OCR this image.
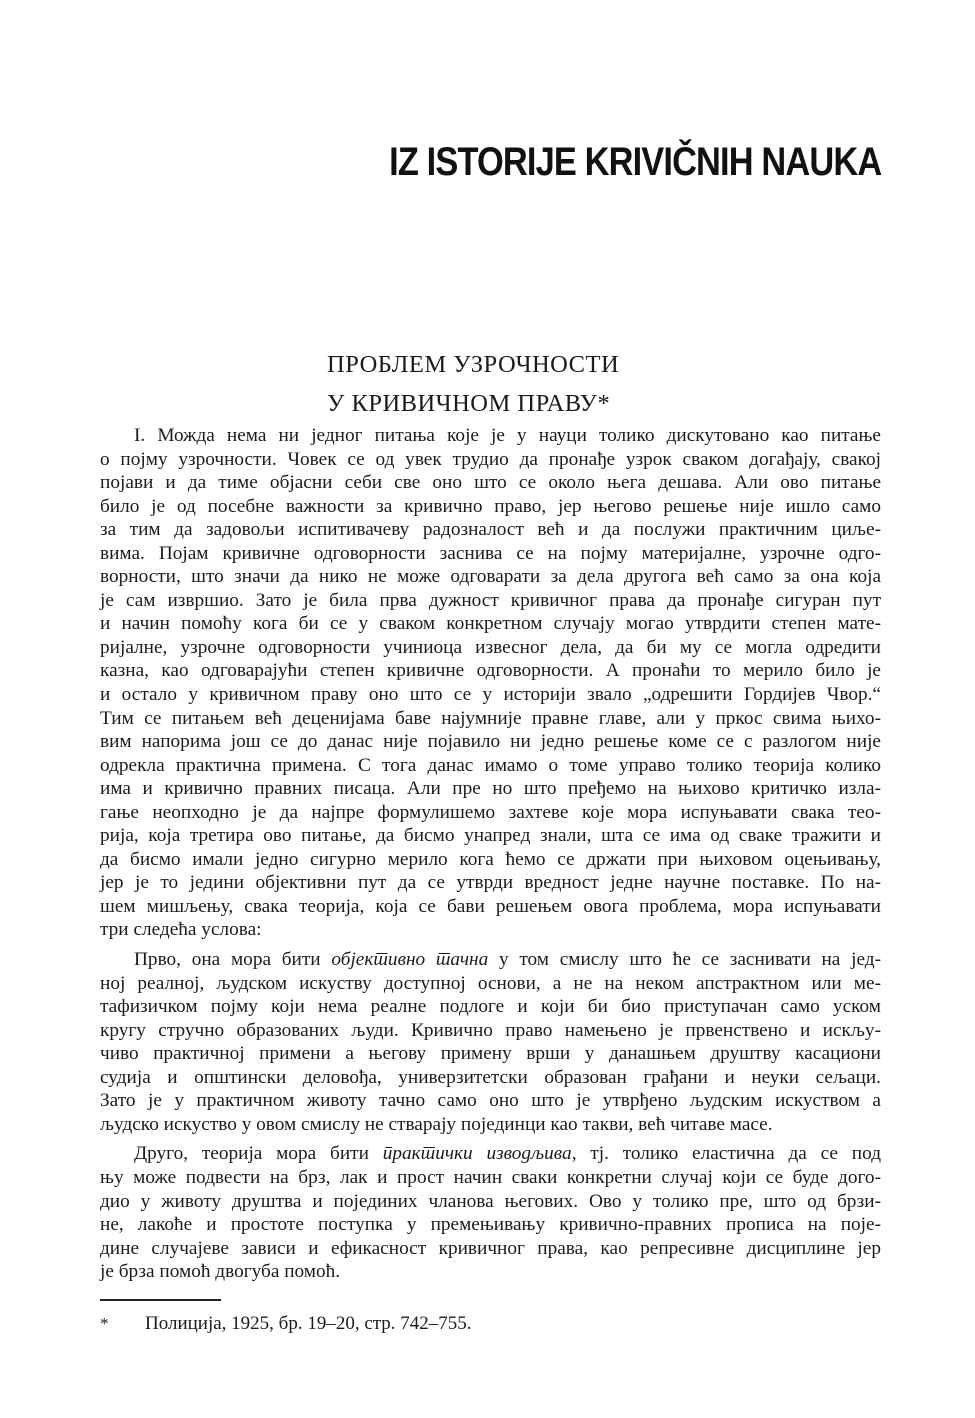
IZ ISTORIJE KRIVIČNIH NAUKA
ПРОБЛЕМ УЗРОЧНОСТИ
У КРИВИЧНОМ ПРАВУ*
I. Можда нема ни једног питања које је у науци толико дискутовано као питање
о појму узрочности. Човек се од увек трудио да пронађе узрок сваком догађају, свакој
појави и да тиме објасни себи све оно што се около њега дешава. Али ово питање
било је од посебне важности за кривично право, јер његово решење није ишло само
за тим да задовољи испитивачеву радозналост већ и да послужи практичним циље-
вима. Појам кривичне одговорности заснива се на појму материјалне, узрочне одго-
ворности, што значи да нико не може одговарати за дела другога већ само за она која
је сам извршио. Зато је била прва дужност кривичног права да пронађе сигуран пут
и начин помоћу кога би се у сваком конкретном случају могао утврдити степен мате-
ријалне, узрочне одговорности учиниоца извесног дела, да би му се могла одредити
казна, као одговарајући степен кривичне одговорности. А пронаћи то мерило било је
и остало у кривичном праву оно што се у историји звало „одрешити Гордијев Чвор.“
Тим се питањем већ деценијама баве најумније правне главе, али у пркос свима њихо-
вим напорима још се до данас није појавило ни једно решење коме се с разлогом није
одрекла практична примена. С тога данас имамо о томе управо толико теорија колико
има и кривично правних писаца. Али пре но што пређемо на њихово критичко изла-
гање неопходно је да најпре формулишемо захтеве које мора испуњавати свака тео-
рија, која третира ово питање, да бисмо унапред знали, шта се има од сваке тражити и
да бисмо имали једно сигурно мерило кога ћемо се држати при њиховом оцењивању,
јер је то једини објективни пут да се утврди вредност једне научне поставке. По на-
шем мишљењу, свака теорија, која се бави решењем овога проблема, мора испуњавати
три следећа услова:
Прво, она мора бити објективно тачна у том смислу што ће се заснивати на јед-
ној реалној, људском искуству доступној основи, а не на неком апстрактном или ме-
тафизичком појму који нема реалне подлоге и који би био приступачан само уском
кругу стручно образованих људи. Кривично право намењено је првенствено и искљу-
чиво практичној примени а његову примену врши у данашњем друштву касациони
судија и општински деловођа, универзитетски образован грађани и неуки сељаци.
Зато је у практичном животу тачно само оно што је утврђено људским искуством а
људско искуство у овом смислу не стварају појединци као такви, већ читаве масе.
Друго, теорија мора бити практички изводљива, тј. толико еластична да се под
њу може подвести на брз, лак и прост начин сваки конкретни случај који се буде дого-
дио у животу друштва и појединих чланова његових. Ово у толико пре, што од брзи-
не, лакоће и простоте поступка у премењивању кривично-правних прописа на поје-
дине случајеве зависи и ефикасност кривичног права, као репресивне дисциплине јер
је брза помоћ двогуба помоћ.
* Полиција, 1925, бр. 19–20, стр. 742–755.
